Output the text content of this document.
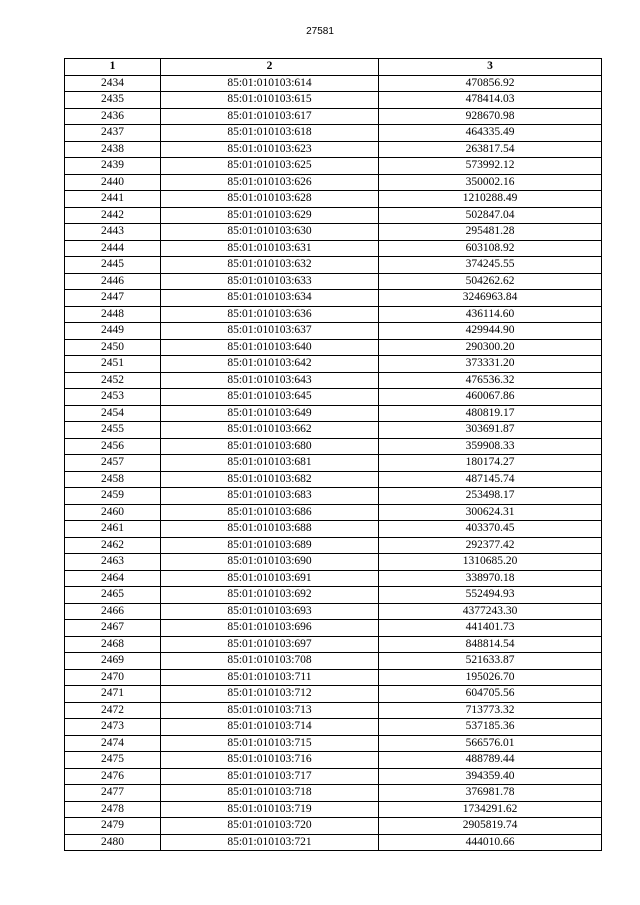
27581
1	2	3
2434	85:01:010103:614	470856.92
2435	85:01:010103:615	478414.03
2436	85:01:010103:617	928670.98
2437	85:01:010103:618	464335.49
2438	85:01:010103:623	263817.54
2439	85:01:010103:625	573992.12
2440	85:01:010103:626	350002.16
2441	85:01:010103:628	1210288.49
2442	85:01:010103:629	502847.04
2443	85:01:010103:630	295481.28
2444	85:01:010103:631	603108.92
2445	85:01:010103:632	374245.55
2446	85:01:010103:633	504262.62
2447	85:01:010103:634	3246963.84
2448	85:01:010103:636	436114.60
2449	85:01:010103:637	429944.90
2450	85:01:010103:640	290300.20
2451	85:01:010103:642	373331.20
2452	85:01:010103:643	476536.32
2453	85:01:010103:645	460067.86
2454	85:01:010103:649	480819.17
2455	85:01:010103:662	303691.87
2456	85:01:010103:680	359908.33
2457	85:01:010103:681	180174.27
2458	85:01:010103:682	487145.74
2459	85:01:010103:683	253498.17
2460	85:01:010103:686	300624.31
2461	85:01:010103:688	403370.45
2462	85:01:010103:689	292377.42
2463	85:01:010103:690	1310685.20
2464	85:01:010103:691	338970.18
2465	85:01:010103:692	552494.93
2466	85:01:010103:693	4377243.30
2467	85:01:010103:696	441401.73
2468	85:01:010103:697	848814.54
2469	85:01:010103:708	521633.87
2470	85:01:010103:711	195026.70
2471	85:01:010103:712	604705.56
2472	85:01:010103:713	713773.32
2473	85:01:010103:714	537185.36
2474	85:01:010103:715	566576.01
2475	85:01:010103:716	488789.44
2476	85:01:010103:717	394359.40
2477	85:01:010103:718	376981.78
2478	85:01:010103:719	1734291.62
2479	85:01:010103:720	2905819.74
2480	85:01:010103:721	444010.66
